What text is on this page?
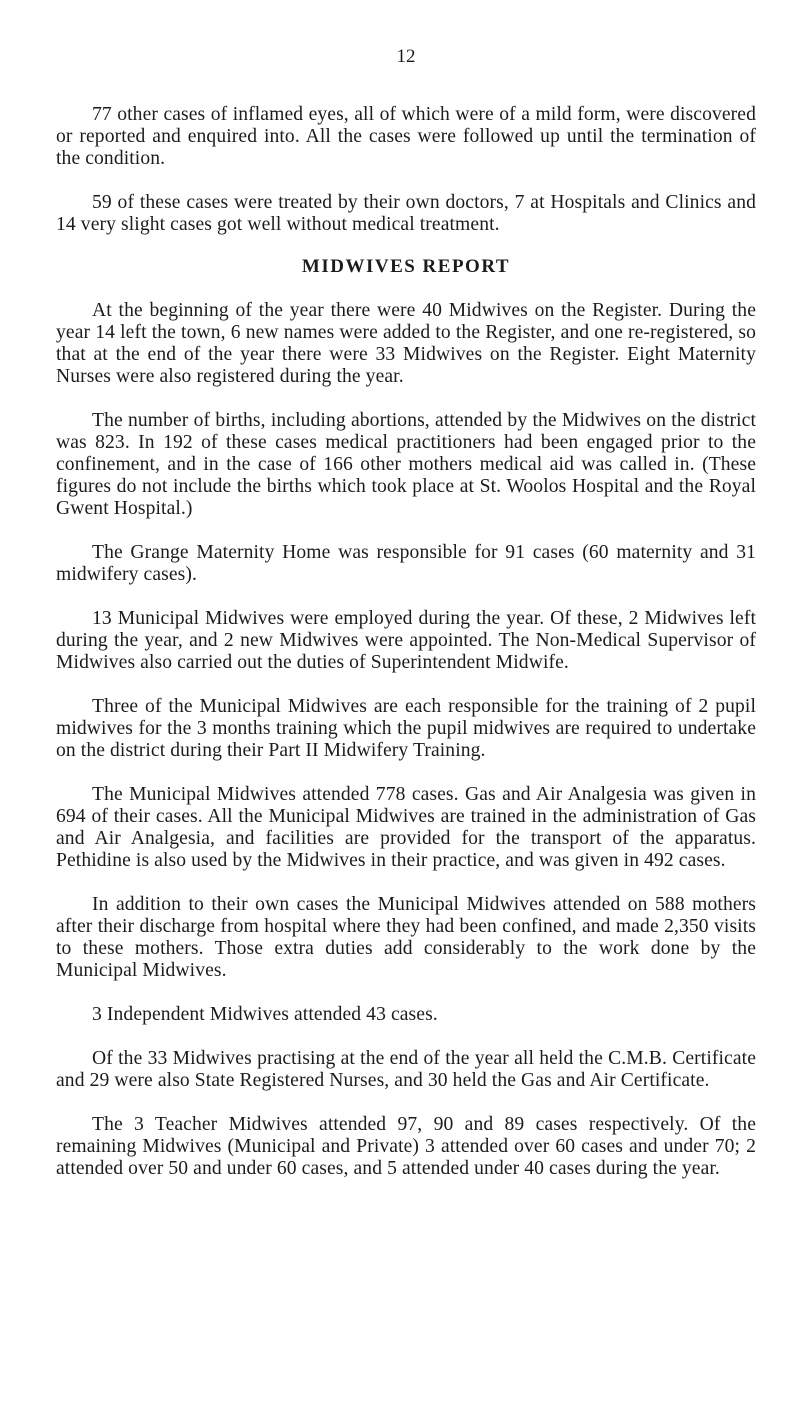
12

77 other cases of inflamed eyes, all of which were of a mild form, were discovered or reported and enquired into. All the cases were followed up until the termination of the condition.

59 of these cases were treated by their own doctors, 7 at Hospitals and Clinics and 14 very slight cases got well without medical treatment.

MIDWIVES REPORT

At the beginning of the year there were 40 Midwives on the Register. During the year 14 left the town, 6 new names were added to the Register, and one re-registered, so that at the end of the year there were 33 Midwives on the Register. Eight Maternity Nurses were also registered during the year.

The number of births, including abortions, attended by the Midwives on the district was 823. In 192 of these cases medical practitioners had been engaged prior to the confinement, and in the case of 166 other mothers medical aid was called in. (These figures do not include the births which took place at St. Woolos Hospital and the Royal Gwent Hospital.)

The Grange Maternity Home was responsible for 91 cases (60 maternity and 31 midwifery cases).

13 Municipal Midwives were employed during the year. Of these, 2 Midwives left during the year, and 2 new Midwives were appointed. The Non-Medical Supervisor of Midwives also carried out the duties of Superintendent Midwife.

Three of the Municipal Midwives are each responsible for the training of 2 pupil midwives for the 3 months training which the pupil midwives are required to undertake on the district during their Part II Midwifery Training.

The Municipal Midwives attended 778 cases. Gas and Air Analgesia was given in 694 of their cases. All the Municipal Midwives are trained in the administration of Gas and Air Analgesia, and facilities are provided for the transport of the apparatus. Pethidine is also used by the Midwives in their practice, and was given in 492 cases.

In addition to their own cases the Municipal Midwives attended on 588 mothers after their discharge from hospital where they had been confined, and made 2,350 visits to these mothers. Those extra duties add considerably to the work done by the Municipal Midwives.

3 Independent Midwives attended 43 cases.

Of the 33 Midwives practising at the end of the year all held the C.M.B. Certificate and 29 were also State Registered Nurses, and 30 held the Gas and Air Certificate.

The 3 Teacher Midwives attended 97, 90 and 89 cases respectively. Of the remaining Midwives (Municipal and Private) 3 attended over 60 cases and under 70; 2 attended over 50 and under 60 cases, and 5 attended under 40 cases during the year.
